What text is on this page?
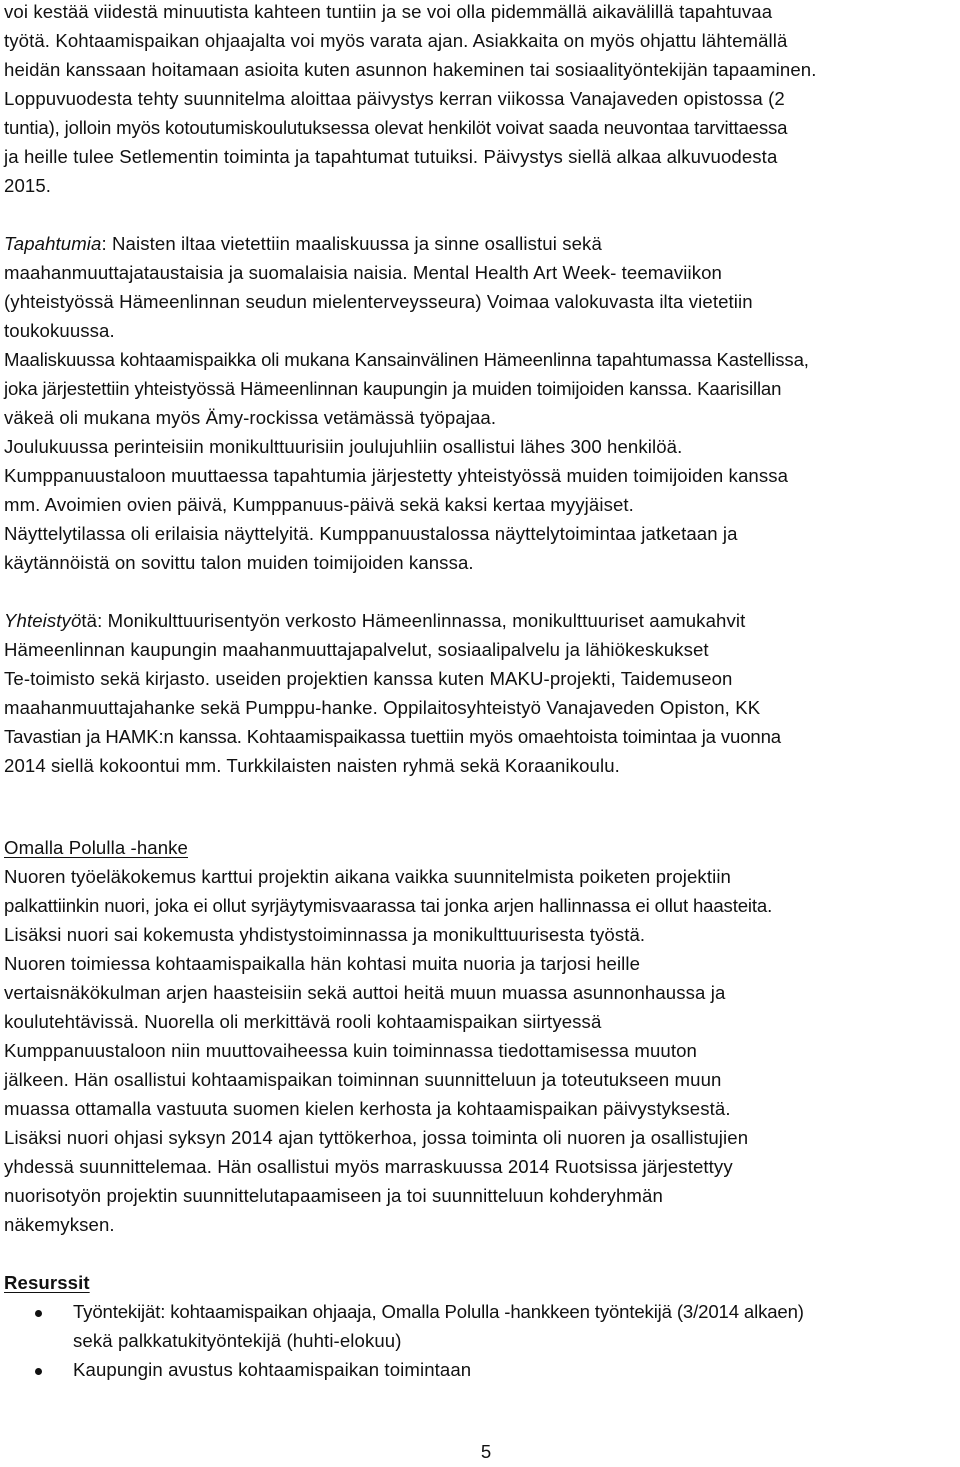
voi kestää viidestä minuutista kahteen tuntiin ja se voi olla pidemmällä aikavälillä tapahtuvaa
työtä. Kohtaamispaikan ohjaajalta voi myös varata ajan. Asiakkaita on myös ohjattu lähtemällä
heidän kanssaan hoitamaan asioita kuten asunnon hakeminen tai sosiaalityöntekijän tapaaminen.
Loppuvuodesta tehty suunnitelma aloittaa päivystys kerran viikossa Vanajaveden opistossa (2
tuntia), jolloin myös kotoutumiskoulutuksessa olevat henkilöt voivat saada neuvontaa tarvittaessa
ja heille tulee Setlementin toiminta ja tapahtumat tutuiksi. Päivystys siellä alkaa alkuvuodesta
2015.
Tapahtumia: Naisten iltaa vietettiin maaliskuussa ja sinne osallistui sekä
maahanmuuttajataustaisia ja suomalaisia naisia. Mental Health Art Week- teemaviikon
(yhteistyössä Hämeenlinnan seudun mielenterveysseura) Voimaa valokuvasta ilta vietetiin
toukokuussa.
Maaliskuussa kohtaamispaikka oli mukana Kansainvälinen Hämeenlinna tapahtumassa Kastellissa,
joka järjestettiin yhteistyössä Hämeenlinnan kaupungin ja muiden toimijoiden kanssa. Kaarisillan
väkeä oli mukana myös Ämy-rockissa vetämässä työpajaa.
Joulukuussa perinteisiin monikulttuurisiin joulujuhliin osallistui lähes 300 henkilöä.
Kumppanuustaloon muuttaessa tapahtumia järjestetty yhteistyössä muiden toimijoiden kanssa
mm. Avoimien ovien päivä, Kumppanuus-päivä sekä kaksi kertaa myyjäiset.
Näyttelytilassa oli erilaisia näyttelyitä. Kumppanuustalossa näyttelytoimintaa jatketaan ja
käytännöistä on sovittu talon muiden toimijoiden kanssa.
Yhteistyötä: Monikulttuurisentyön verkosto Hämeenlinnassa, monikulttuuriset aamukahvit
Hämeenlinnan kaupungin maahanmuuttajapalvelut, sosiaalipalvelu ja lähiökeskukset
Te-toimisto sekä kirjasto. useiden projektien kanssa kuten MAKU-projekti, Taidemuseon
maahanmuuttajahanke sekä Pumppu-hanke. Oppilaitosyhteistyö Vanajaveden Opiston, KK
Tavastian ja HAMK:n kanssa. Kohtaamispaikassa tuettiin myös omaehtoista toimintaa ja vuonna
2014 siellä kokoontui mm. Turkkilaisten naisten ryhmä sekä Koraanikoulu.
Omalla Polulla -hanke
Nuoren työeläkokemus karttui projektin aikana vaikka suunnitelmista poiketen projektiin
palkattiinkin nuori, joka ei ollut syrjäytymisvaarassa tai jonka arjen hallinnassa ei ollut haasteita.
Lisäksi nuori sai kokemusta yhdistystoiminnassa ja monikulttuurisesta työstä.
Nuoren toimiessa kohtaamispaikalla hän kohtasi muita nuoria ja tarjosi heille
vertaisnäkökulman arjen haasteisiin sekä auttoi heitä muun muassa asunnonhaussa ja
koulutehtävissä. Nuorella oli merkittävä rooli kohtaamispaikan siirtyessä
Kumppanuustaloon niin muuttovaiheessa kuin toiminnassa tiedottamisessa muuton
jälkeen. Hän osallistui kohtaamispaikan toiminnan suunnitteluun ja toteutukseen muun
muassa ottamalla vastuuta suomen kielen kerhosta ja kohtaamispaikan päivystyksestä.
Lisäksi nuori ohjasi syksyn 2014 ajan tyttökerhoa, jossa toiminta oli nuoren ja osallistujien
yhdessä suunnittelemaa. Hän osallistui myös marraskuussa 2014 Ruotsissa järjestettyy
nuorisotyön projektin suunnittelutapaamiseen ja toi suunnitteluun kohderyhmän
näkemyksen.
Resurssit
Työntekijät: kohtaamispaikan ohjaaja, Omalla Polulla -hankkeen työntekijä (3/2014 alkaen)
sekä palkkatukityöntekijä (huhti-elokuu)
Kaupungin avustus kohtaamispaikan toimintaan
5
